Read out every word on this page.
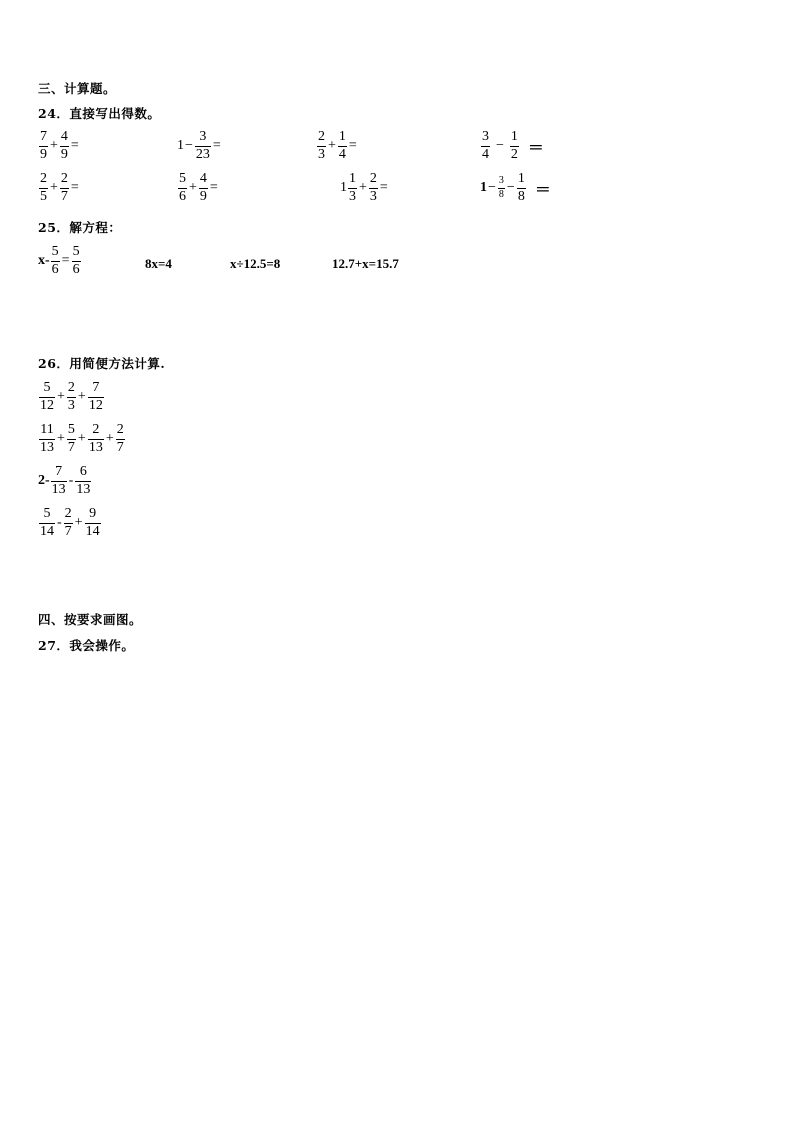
三、计算题。
24．直接写出得数。
$\frac{7}{9} + \frac{4}{9}$ =	$1 - \frac{3}{23}$ =	$\frac{2}{3} + \frac{1}{4}$ =	$\frac{3}{4} - \frac{1}{2}$ ＝
$\frac{2}{5} + \frac{2}{7}$ =	$\frac{5}{6} + \frac{4}{9}$ =	$1 \frac{1}{3} + \frac{2}{3}$ =	$1 - \frac{3}{8} - \frac{1}{8}$ ＝
25．解方程：
$x- \frac{5}{6} = \frac{5}{6}$	8x=4	x÷12.5=8	12.7+x=15.7
26．用简便方法计算.
$\frac{5}{12} + \frac{2}{3} + \frac{7}{12}$
$\frac{11}{13} + \frac{5}{7} + \frac{2}{13} + \frac{2}{7}$
$2- \frac{7}{13} - \frac{6}{13}$
$\frac{5}{14} - \frac{2}{7} + \frac{9}{14}$
四、按要求画图。
27．我会操作。
